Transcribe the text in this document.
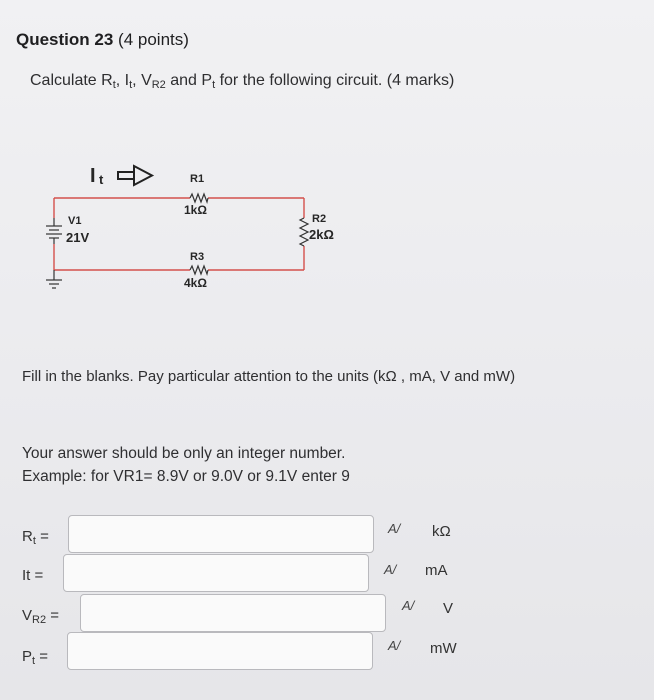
Question 23 (4 points)
Calculate $R_t$, $I_t$, $V_{R2}$ and $P_t$ for the following circuit. (4 marks)
I t
V1
21V
R1
1kΩ
R2
2kΩ
R3
4kΩ
Fill in the blanks. Pay particular attention to the units (kΩ , mA, V and mW)
Your answer should be only an integer number.
Example: for VR1= 8.9V or 9.0V or 9.1V enter 9
$R_t$ =	A/ kΩ
It =	A/ mA
$V_{R2}$ =
A/ V
$P_t$ =
A/ mW
